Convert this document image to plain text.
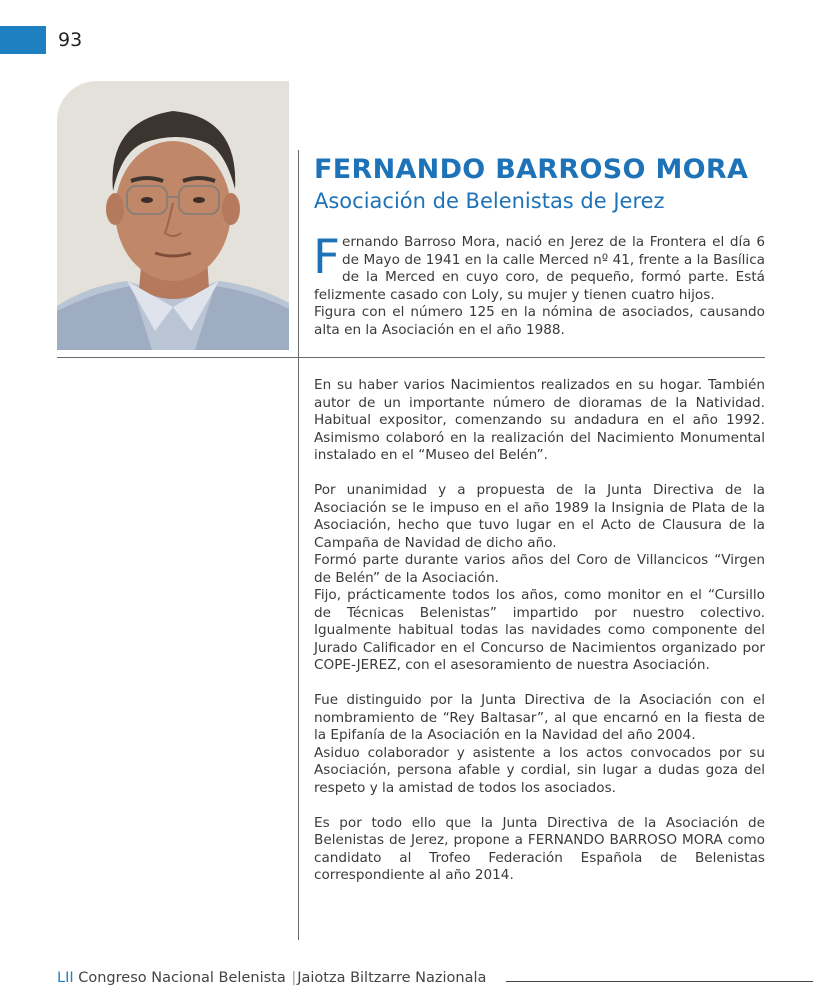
93
FERNANDO BARROSO MORA
Asociación de Belenistas de Jerez

Fernando Barroso Mora, nació en Jerez de la Frontera el día 6 de Mayo de 1941 en la calle Merced nº 41, frente a la Basílica de la Merced en cuyo coro, de pequeño, formó parte. Está felizmente casado con Loly, su mujer y tienen cuatro hijos.

Figura con el número 125 en la nómina de asociados, causando alta en la Asociación en el año 1988.

En su haber varios Nacimientos realizados en su hogar. También autor de un importante número de dioramas de la Natividad. Habitual expositor, comenzando su andadura en el año 1992. Asimismo colaboró en la realización del Nacimiento Monumental instalado en el “Museo del Belén”.

Por unanimidad y a propuesta de la Junta Directiva de la Asociación se le impuso en el año 1989 la Insignia de Plata de la Asociación, hecho que tuvo lugar en el Acto de Clausura de la Campaña de Navidad de dicho año.

Formó parte durante varios años del Coro de Villancicos “Virgen de Belén” de la Asociación.

Fijo, prácticamente todos los años, como monitor en el “Cursillo de Técnicas Belenistas” impartido por nuestro colectivo. Igualmente habitual todas las navidades como componente del Jurado Calificador en el Concurso de Nacimientos organizado por COPE-JEREZ, con el asesoramiento de nuestra Asociación.

Fue distinguido por la Junta Directiva de la Asociación con el nombramiento de “Rey Baltasar”, al que encarnó en la fiesta de la Epifanía de la Asociación en la Navidad del año 2004.

Asiduo colaborador y asistente a los actos convocados por su Asociación, persona afable y cordial, sin lugar a dudas goza del respeto y la amistad de todos los asociados.

Es por todo ello que la Junta Directiva de la Asociación de Belenistas de Jerez, propone a FERNANDO BARROSO MORA como candidato al Trofeo Federación Española de Belenistas correspondiente al año 2014.

LII Congreso Nacional Belenista |Jaiotza Biltzarre Nazionala
